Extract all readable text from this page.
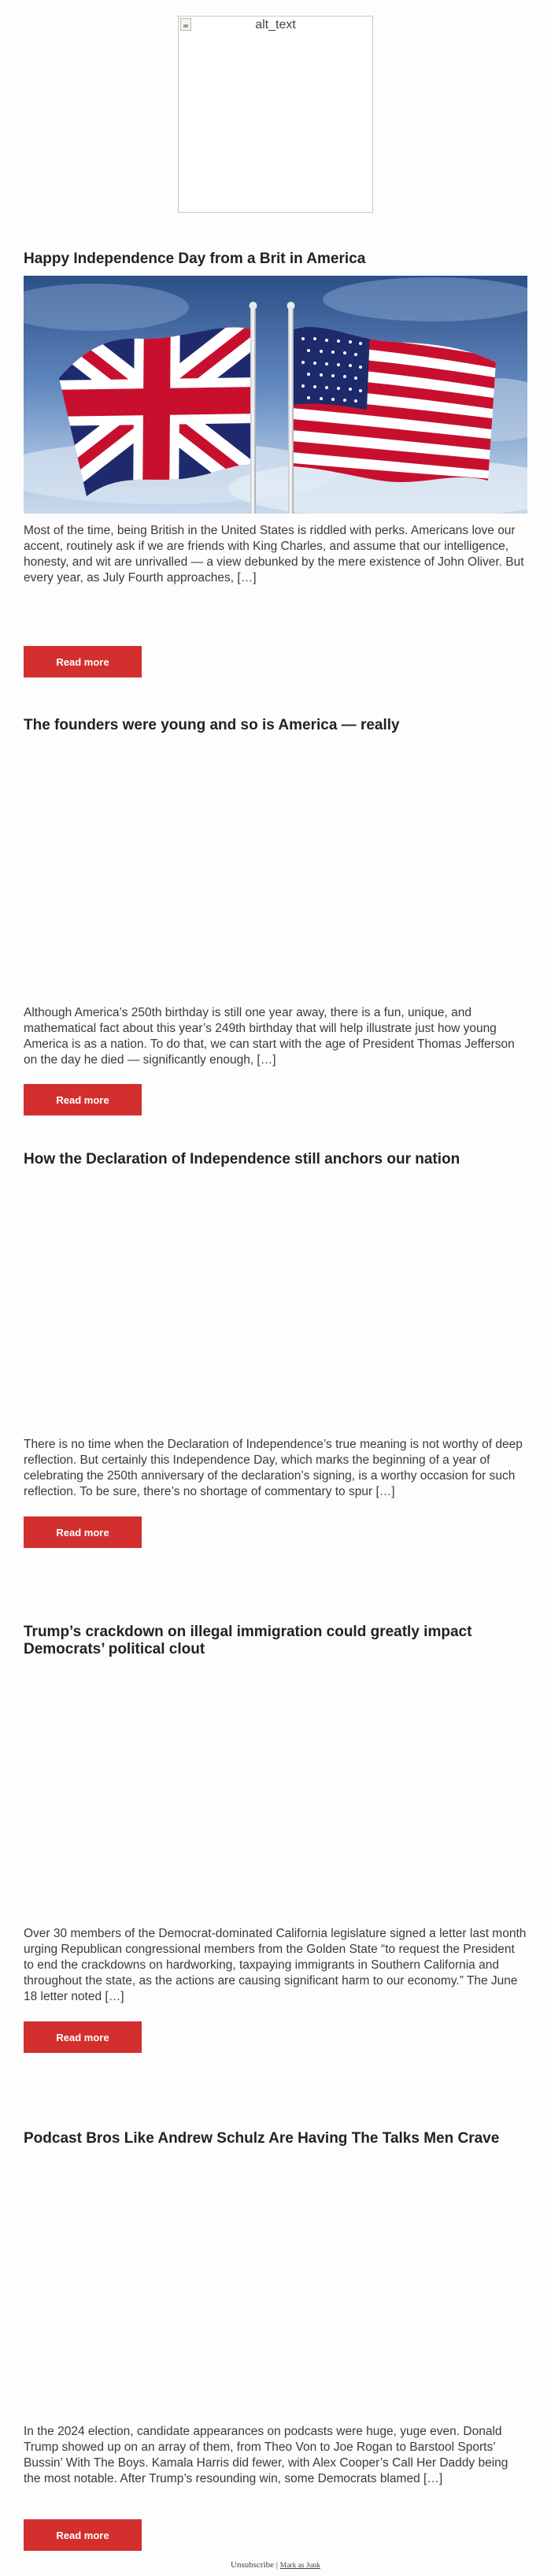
alt_text
Happy Independence Day from a Brit in America

Most of the time, being British in the United States is riddled with perks. Americans love our accent, routinely ask if we are friends with King Charles, and assume that our intelligence, honesty, and wit are unrivalled — a view debunked by the mere existence of John Oliver. But every year, as July Fourth approaches, […]

Read more
The founders were young and so is America — really

Although America’s 250th birthday is still one year away, there is a fun, unique, and mathematical fact about this year’s 249th birthday that will help illustrate just how young America is as a nation. To do that, we can start with the age of President Thomas Jefferson on the day he died — significantly enough, […]

Read more
How the Declaration of Independence still anchors our nation

There is no time when the Declaration of Independence’s true meaning is not worthy of deep reflection. But certainly this Independence Day, which marks the beginning of a year of celebrating the 250th anniversary of the declaration’s signing, is a worthy occasion for such reflection. To be sure, there’s no shortage of commentary to spur […]

Read more
Trump’s crackdown on illegal immigration could greatly impact Democrats’ political clout

Over 30 members of the Democrat-dominated California legislature signed a letter last month urging Republican congressional members from the Golden State “to request the President to end the crackdowns on hardworking, taxpaying immigrants in Southern California and throughout the state, as the actions are causing significant harm to our economy.” The June 18 letter noted […]

Read more
Podcast Bros Like Andrew Schulz Are Having The Talks Men Crave

In the 2024 election, candidate appearances on podcasts were huge, yuge even. Donald Trump showed up on an array of them, from Theo Von to Joe Rogan to Barstool Sports’ Bussin’ With The Boys. Kamala Harris did fewer, with Alex Cooper’s Call Her Daddy being the most notable. After Trump’s resounding win, some Democrats blamed […]

Read more
Unsubscribe | Mark as Junk
